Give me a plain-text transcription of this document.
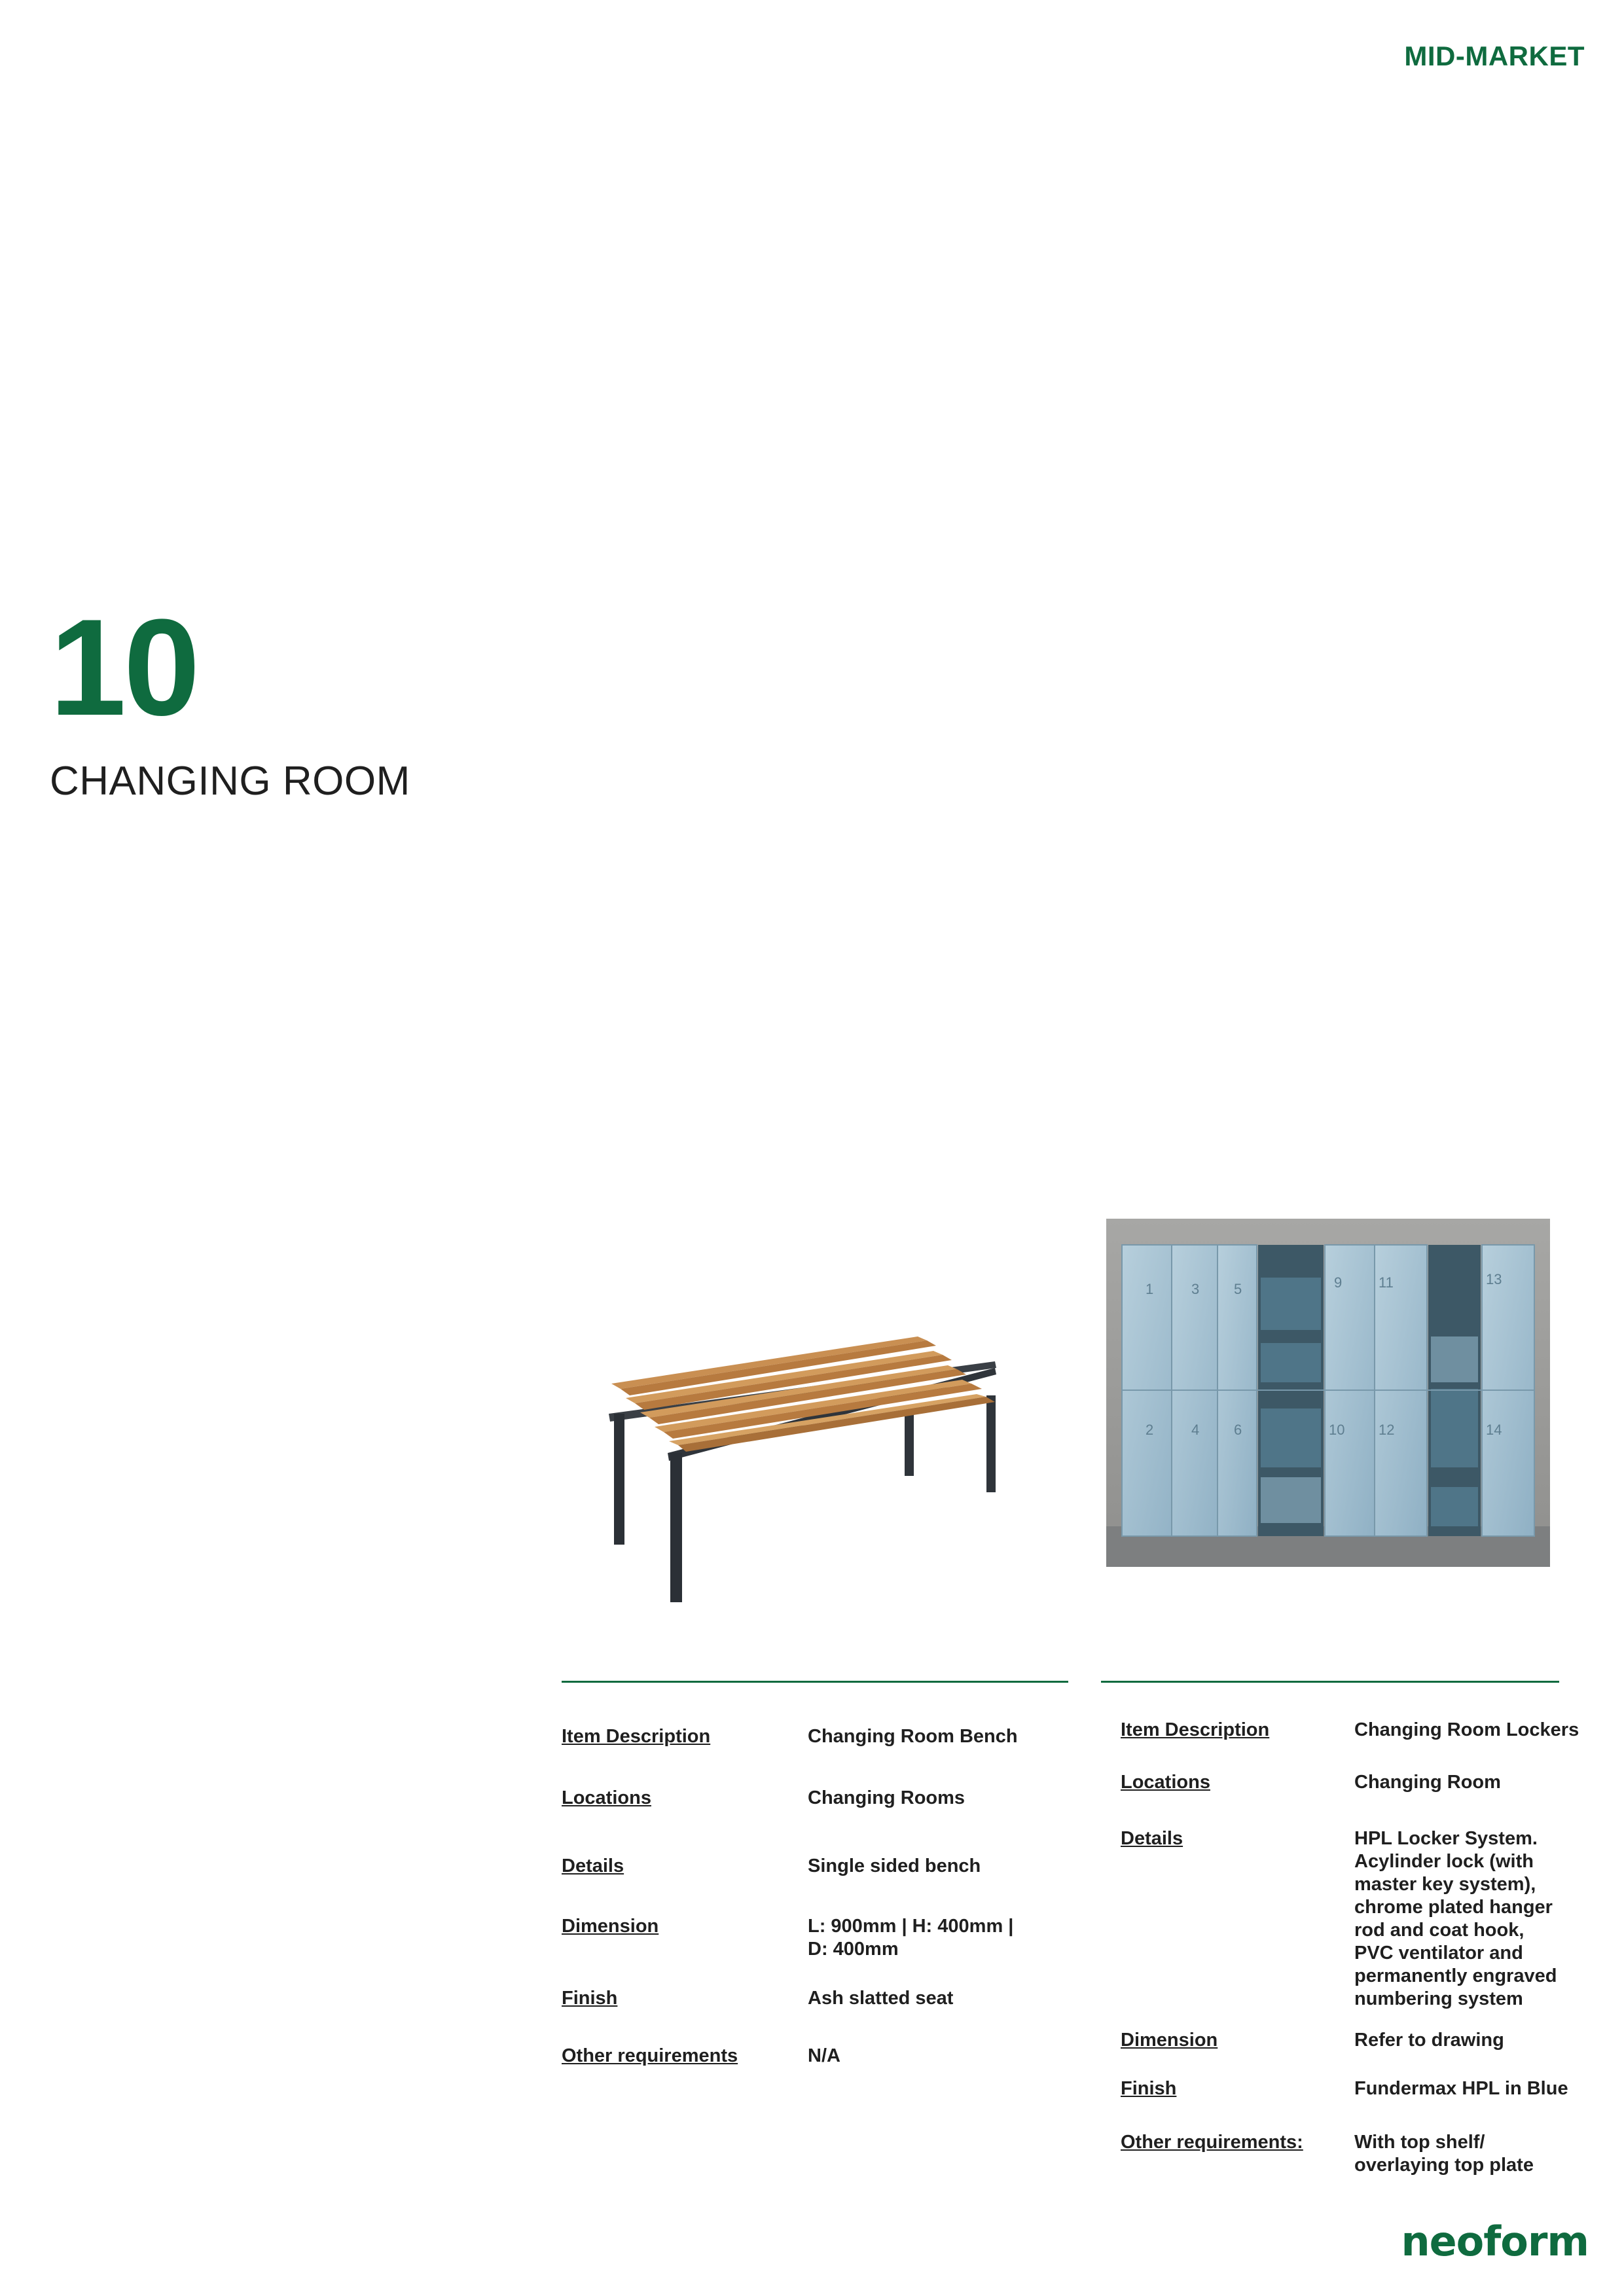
MID-MARKET
10
CHANGING ROOM
1	3 5	9	11	13
2	4 6	10 12	14
Item Description	Changing Room Bench
Locations	Changing Rooms
Details	Single sided bench
Dimension	L: 900mm | H: 400mm |
D: 400mm
Finish	Ash slatted seat
Other requirements	N/A
Item Description	Changing Room Lockers
Locations	Changing Room
Details	HPL Locker System.
Acylinder lock (with
master key system),
chrome plated hanger
rod and coat hook,
PVC ventilator and
permanently engraved
numbering system
Dimension	Refer to drawing
Finish	Fundermax HPL in Blue
Other requirements:	With top shelf/
overlaying top plate
neoform
